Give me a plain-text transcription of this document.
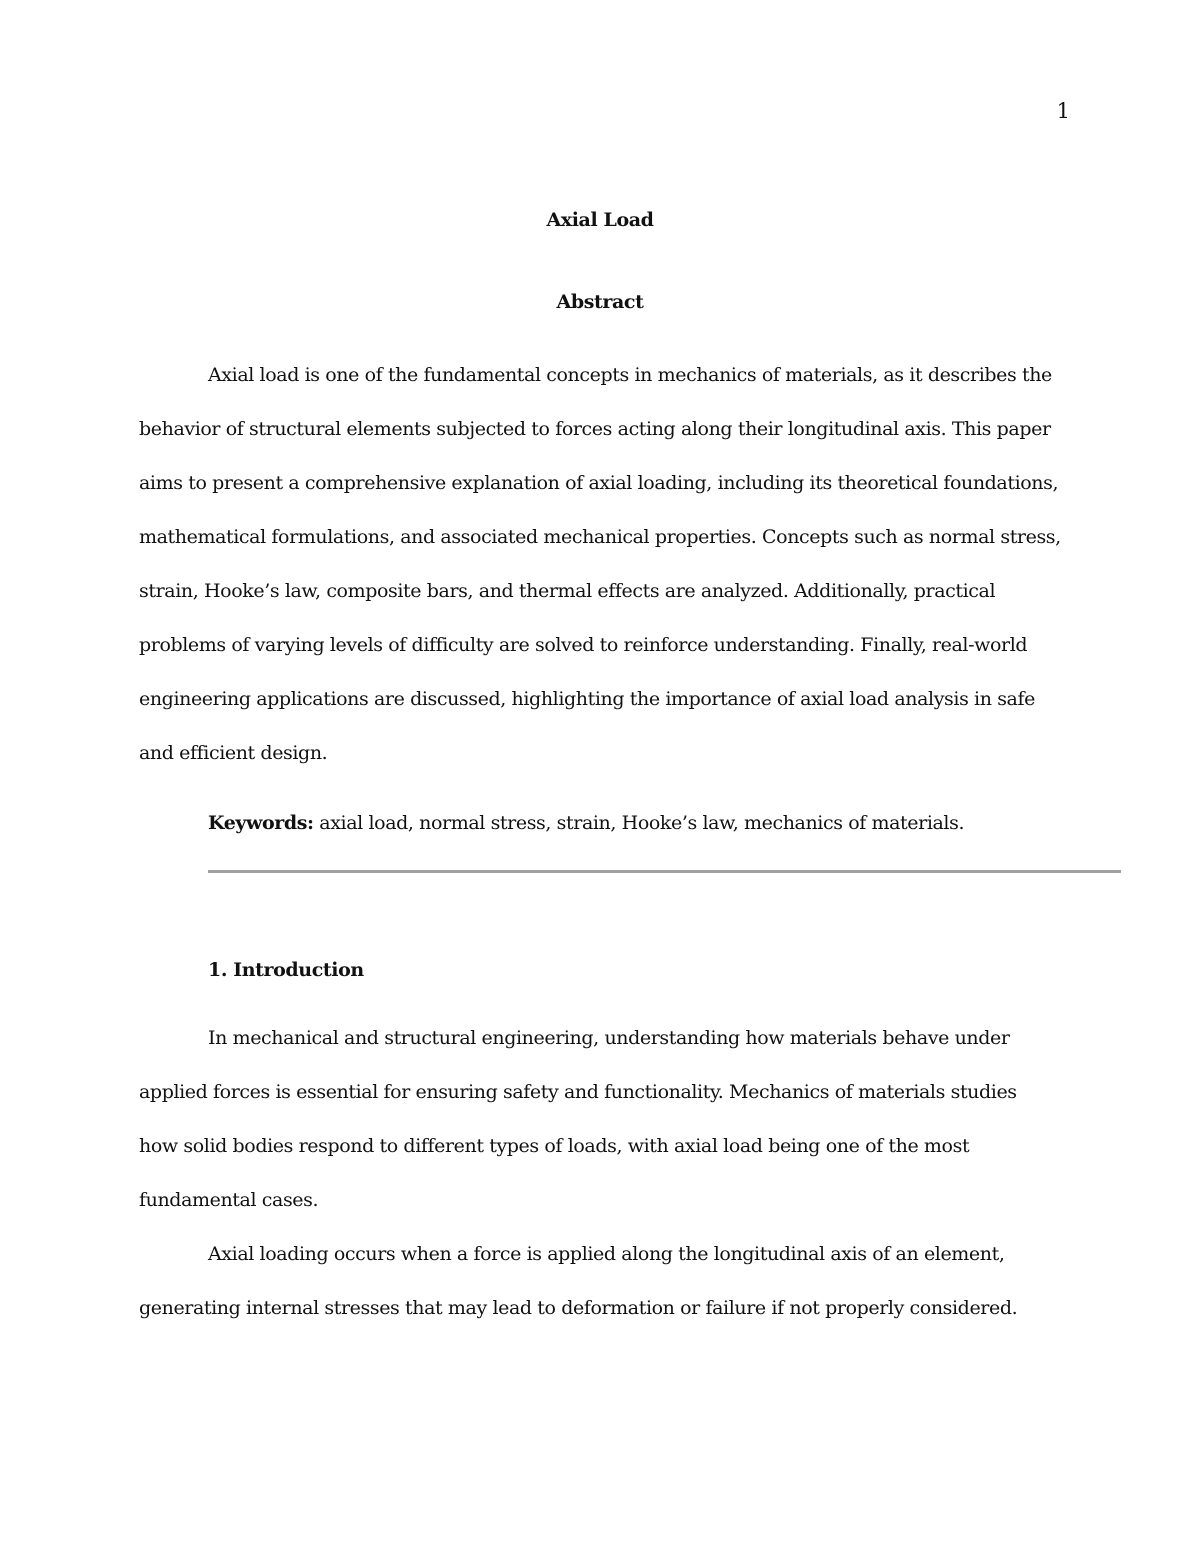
1
Axial Load
Abstract

Axial load is one of the fundamental concepts in mechanics of materials, as it describes the behavior of structural elements subjected to forces acting along their longitudinal axis. This paper aims to present a comprehensive explanation of axial loading, including its theoretical foundations, mathematical formulations, and associated mechanical properties. Concepts such as normal stress, strain, Hooke’s law, composite bars, and thermal effects are analyzed. Additionally, practical problems of varying levels of difficulty are solved to reinforce understanding. Finally, real-world engineering applications are discussed, highlighting the importance of axial load analysis in safe and efficient design.

Keywords: axial load, normal stress, strain, Hooke’s law, mechanics of materials.
1. Introduction

In mechanical and structural engineering, understanding how materials behave under applied forces is essential for ensuring safety and functionality. Mechanics of materials studies how solid bodies respond to different types of loads, with axial load being one of the most fundamental cases.

Axial loading occurs when a force is applied along the longitudinal axis of an element, generating internal stresses that may lead to deformation or failure if not properly considered.
